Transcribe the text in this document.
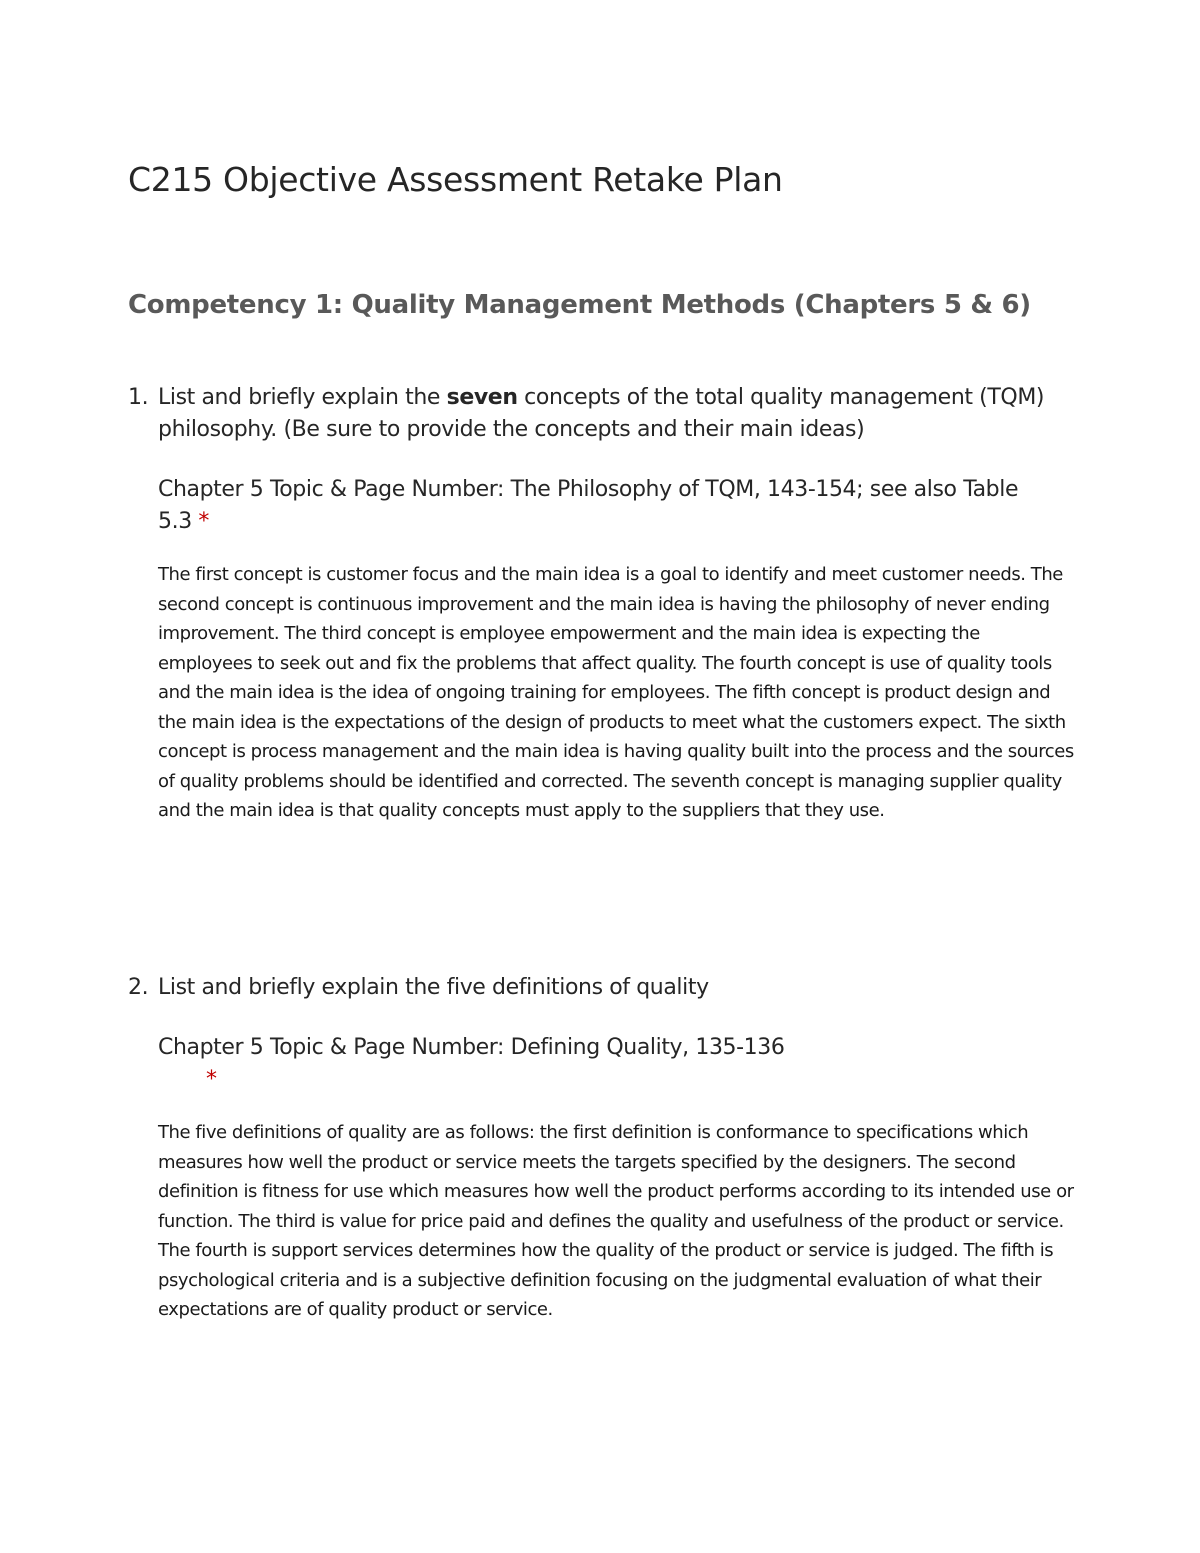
C215 Objective Assessment Retake Plan
Competency 1: Quality Management Methods (Chapters 5 & 6)
1. List and briefly explain the seven concepts of the total quality management (TQM)
philosophy. (Be sure to provide the concepts and their main ideas)
Chapter 5 Topic & Page Number: The Philosophy of TQM, 143-154; see also Table
5.3 *

The first concept is customer focus and the main idea is a goal to identify and meet customer needs. The second concept is continuous improvement and the main idea is having the philosophy of never ending improvement. The third concept is employee empowerment and the main idea is expecting the employees to seek out and fix the problems that affect quality. The fourth concept is use of quality tools and the main idea is the idea of ongoing training for employees. The fifth concept is product design and the main idea is the expectations of the design of products to meet what the customers expect. The sixth concept is process management and the main idea is having quality built into the process and the sources of quality problems should be identified and corrected. The seventh concept is managing supplier quality and the main idea is that quality concepts must apply to the suppliers that they use.

2. List and briefly explain the five definitions of quality
Chapter 5 Topic & Page Number: Defining Quality, 135-136
*

The five definitions of quality are as follows: the first definition is conformance to specifications which measures how well the product or service meets the targets specified by the designers. The second definition is fitness for use which measures how well the product performs according to its intended use or function. The third is value for price paid and defines the quality and usefulness of the product or service. The fourth is support services determines how the quality of the product or service is judged. The fifth is psychological criteria and is a subjective definition focusing on the judgmental evaluation of what their expectations are of quality product or service.
